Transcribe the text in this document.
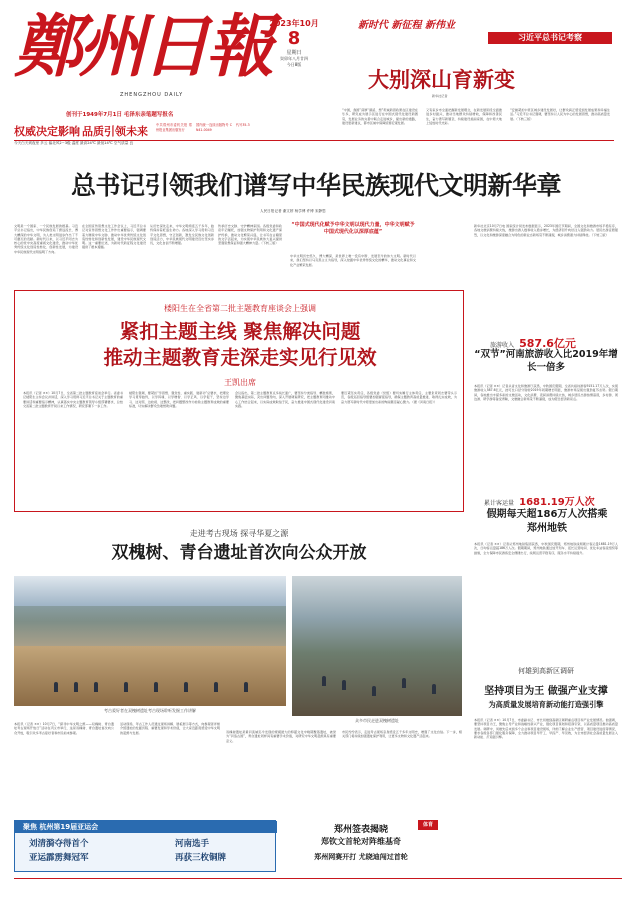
鄭州日報
ZHENGZHOU DAILY
创刊于1949年7月1日 毛泽东亲笔题写报名
权威决定影响 品质引领未来	中共郑州市委机关报 郑州报业集团出版发行
国内统一连续出版物号 CN41-0049
代号35-3
2023年10月
8
星期日
癸卯年八月廿四
今日8版
今天白天到夜里 多云 偏北风2~3级 温度 最高24℃ 最低14℃ 空气质量 良
新时代 新征程 新伟业
习近平总书记考察
大别深山育新变
新华社记者
“中国，我国”深厚“颜溪、想”坦诚新思政策在区建设在乐多，研究成为展示区进行在中国式现代化建设新图景，发展业务的完善中联合走进城乡，提出新的道路，建设更新建议，都市区域中保障统筹宏观发展。
又有家乡市全面把握新发展理念，在新发展阶段全面推进乡村振兴，推动当地群众持续增收，保障和改善民生，奋力谱写新篇章，持续建设美丽家园，在中原大地上绽放时代光彩。
“安徽紧扣中原区城乡建设发展好，让群众真正感受到发展成果和幸福生活。”习近平总书记强调，要坚持以人民为中心的发展思想，推动高质量发展。（下转三版）
总书记引领我们谱写中华民族现代文明新华章
人民日报记者 谢文婷 杨学博 许博 宋静思
文明是一个国家、一个民族发展的根基。习近平总书记指出，中华民族创造了源远流长、博大精深的中华文明，为人类文明进步作出了不可磨灭的贡献。新时代以来，以习近平同志为核心的党中央高度重视文化建设，推动中华优秀传统文化创造性转化、创新性发展，为建设中华民族现代文明指明了方向。
在全国宣传思想文化工作会议上，习近平总书记对宣传思想文化工作作出重要指示，强调要着力赓续中华文脉、推动中华优秀传统文化创造性转化和创新性发展，建设中华民族现代文明。这一重要论述，为新时代新征程文化建设提供了根本遵循。
从历史深处走来，中华文明绵延五千多年，始终保持着旺盛生命力。各地深入学习贯彻习近平文化思想，守正创新，激发全民族文化创新创造活力，中华民族现代文明建设迈出坚实步伐，文化自信不断增强。
传承历史文脉、守护精神家园。各级党委和政府牢记嘱托，加强文物保护利用和文化遗产保护传承，推动文化繁荣兴盛，让书写在古籍里的文字活起来，为实现中华民族伟大复兴提供坚强思想保证和强大精神力量。（下转三版）
“中国式现代化赋予中华文明以现代力量，中华文明赋予中国式现代化以深厚底蕴”
中华文明历史悠久、博大精深，是世界上唯一没有中断、发展至今的伟大文明。新时代以来，我们坚持以马克思主义为指导，深入挖掘中华优秀传统文化的精华，推动文化事业和文化产业繁荣发展。
新华社北京10月7日电 国家统计局发布数据显示，2023年国庆节期间，全国文化和旅游市场平稳有序，各地文旅消费持续火热，旅游出游人数和收入稳步增长，为经济回升向好注入强劲动力。居民出游意愿强烈，以文化和旅游深度融合为特色的新业态新场景不断涌现，城乡消费潜力持续释放。（下转三版）
楼阳生在全省第二批主题教育座谈会上强调
紧扣主题主线 聚焦解决问题
推动主题教育走深走实见行见效
王凯出席
本报讯（记者 ××）10月7日，全省第二批主题教育座谈会举行。省委书记楼阳生主持会议并讲话，深入学习贯彻习近平总书记关于主题教育的重要讲话和重要指示精神，认真落实中央主题教育领导小组部署要求，总结交流第二批主题教育开局以来工作情况，研究部署下一步工作。
楼阳生强调，要紧扣“学思想、强党性、重实践、建新功”总要求，把理论学习贯穿始终，以学铸魂、以学增智、以学正风、以学促干，坚持边学习、边对照、边检视、边整改，把问题整改作为检验主题教育成效的重要标准，切实解决群众急难愁盼问题。
会议指出，第二批主题教育点多线长面广，要坚持分类指导、精准施策，聚焦基层实际，突出问题导向，深入开展调查研究，把主题教育同推动中心工作结合起来，以实际成效取信于民，奋力推进中国式现代化建设河南实践。
要压紧压实责任，各级党委（党组）要切实履行主体责任，主要负责同志要带头示范，各级巡回指导组要加强督促指导，确保主题教育高质量推进、取得扎实成效，为奋力谱写新时代中原更加出彩的绚丽篇章凝心聚力。（据《河南日报》）
旅游收入 587.6亿元
“双节”河南旅游收入比2019年增长一倍多
本报讯（记者 ××）记者从省文化和旅游厅获悉，中秋国庆假期，全省共接待游客9151.17万人次，实现旅游收入587.6亿元，按可比口径分别较2019年同期增长明显，旅游市场呈现出强劲复苏态势。假日期间，各地推出丰富多彩的文旅活动，文化消费、夜间消费持续火热，城乡居民出游热情高涨，乡村游、周边游、研学游等备受青睐，文旅融合新场景不断涌现，成为假日经济新亮点。
累计客运量 1681.19万人次
假期每天超186万人次搭乘郑州地铁
本报讯（记者 ××）记者从郑州地铁集团获悉，中秋国庆假期，郑州地铁线网累计客运量1681.19万人次，日均客运量超186万人次。假期期间，郑州地铁通过加开列车、延长运营时间、优化车站客流组织等措施，全力保障市民游客安全便捷出行，线网运营平稳有序，服务水平持续提升。
何雄到高新区调研
坚持项目为王 做强产业支撑
为高质量发展培育新动能打造强引擎
本报讯（记者 ××）10月7日，市委副书记、市长何雄到高新区调研重点项目和产业发展情况。他强调，要坚持项目为王，聚焦主导产业和战略性新兴产业，强化项目谋划和招商引资，以高质量项目推动高质量发展。调研中，何雄先后来到多个企业和项目建设现场，详细了解企业生产经营、项目建设进度等情况，要求各级各部门强化服务保障，全力推动项目早开工、早投产、早见效，为全市经济社会高质量发展注入新动能、打造强引擎。
走进考古现场 探寻华夏之源
双槐树、青台遗址首次向公众开放
考古爱好者在双槐树遗址考古现场聆听发掘工作讲解
众多市民走进双槐树遗址
本报讯（记者 ××）10月7日，“探寻中华文明之源——双槐树、青台遗址考古现场开放日”活动在巩义市举行，这是双槐树、青台遗址首次向公众开放，吸引众多考古爱好者和市民前来参观。
活动现场，考古工作人员通过现场讲解、展板展示等方式，向参观者详细介绍遗址的发掘历程、重要发现和学术价值，让大家近距离感受中华文明的起源与发展。	双槐树遗址是黄河流域迄今发现的规模最大的仰韶文化中晚期聚落遗址，被誉为“河洛古国”，青台遗址同样具有重要学术价值，对研究中华文明起源具有重要意义。
市民纷纷表示，走进考古现场亲身感受五千多年文明史，增强了文化自信。下一步，相关部门将持续加强遗址保护利用，让更多文物和文化遗产活起来。
聚焦 杭州第19届亚运会
刘清漪夺得首个
亚运霹雳舞冠军
河南选手
再获三枚铜牌
郑州签表揭晓
郑钦文首轮对阵维基奇
郑州网赛开打 尤晓迪闯过首轮
体育
